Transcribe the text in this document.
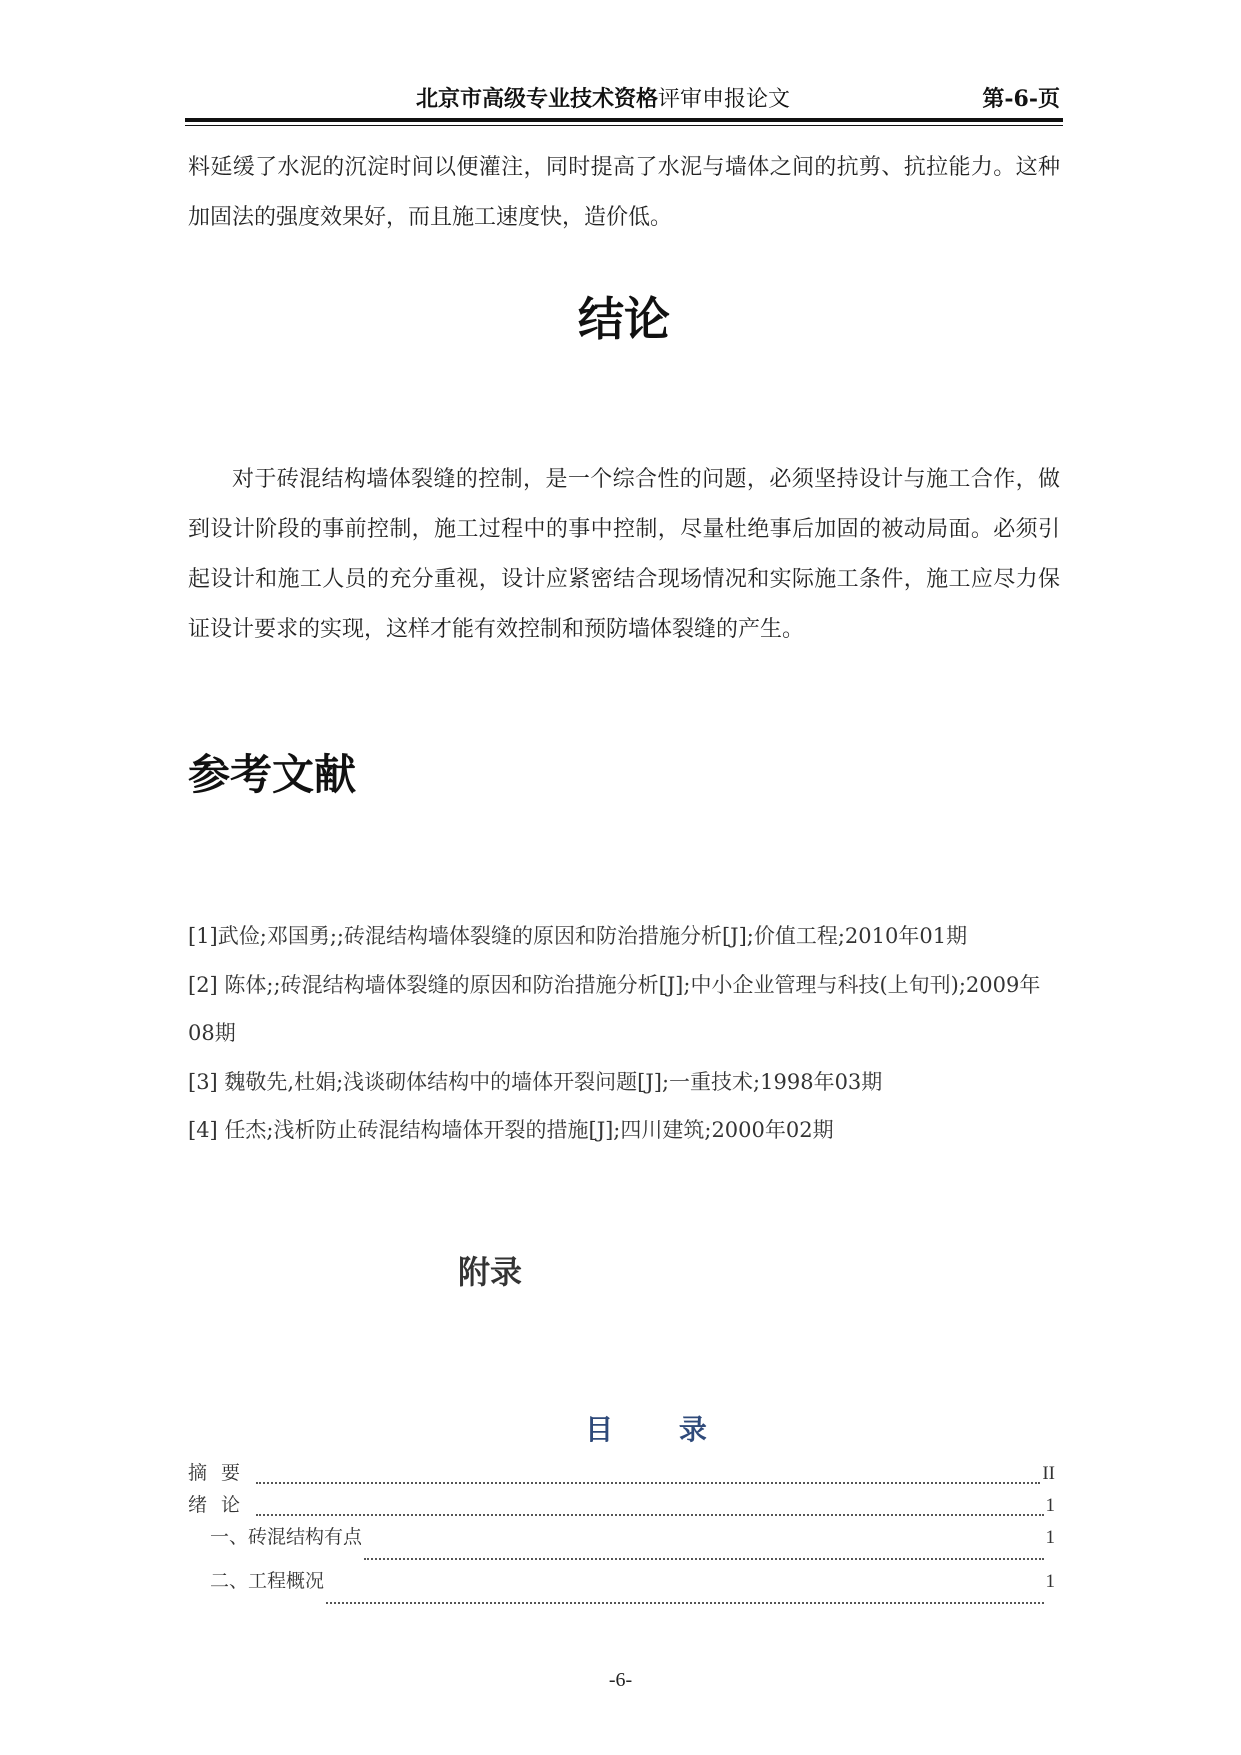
北京市高级专业技术资格评审申报论文	第-6-页

料延缓了水泥的沉淀时间以便灌注，同时提高了水泥与墙体之间的抗剪、抗拉能力。这种加固法的强度效果好，而且施工速度快，造价低。

结论

对于砖混结构墙体裂缝的控制，是一个综合性的问题，必须坚持设计与施工合作，做到设计阶段的事前控制，施工过程中的事中控制，尽量杜绝事后加固的被动局面。必须引起设计和施工人员的充分重视，设计应紧密结合现场情况和实际施工条件，施工应尽力保证设计要求的实现，这样才能有效控制和预防墙体裂缝的产生。

参考文献
[1]武俭;邓国勇;;砖混结构墙体裂缝的原因和防治措施分析[J];价值工程;2010年01期
[2] 陈体;;砖混结构墙体裂缝的原因和防治措施分析[J];中小企业管理与科技(上旬刊);2009年08期
[3] 魏敬先,杜娟;浅谈砌体结构中的墙体开裂问题[J];一重技术;1998年03期
[4] 任杰;浅析防止砖混结构墙体开裂的措施[J];四川建筑;2000年02期
附录
目 录
摘要	II
绪论	1
一、砖混结构有点	1
二、工程概况	1
-6-
